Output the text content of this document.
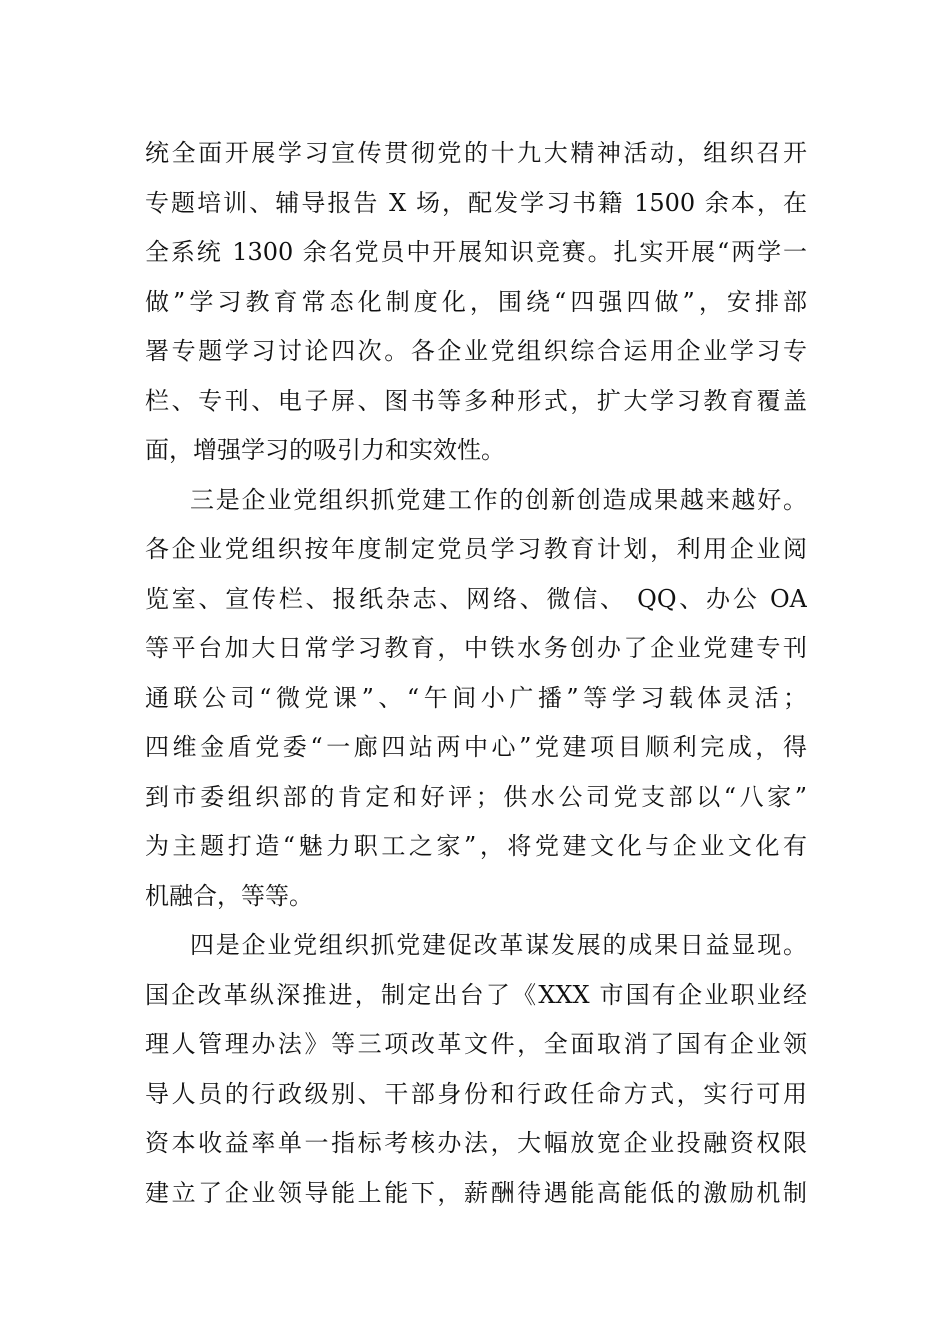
统全面开展学习宣传贯彻党的十九大精神活动，组织召开
专题培训、辅导报告 X 场，配发学习书籍 1500 余本，在
全系统 1300 余名党员中开展知识竞赛。扎实开展“两学一
做”学习教育常态化制度化，围绕“四强四做”，安排部
署专题学习讨论四次。各企业党组织综合运用企业学习专
栏、专刊、电子屏、图书等多种形式，扩大学习教育覆盖
面，增强学习的吸引力和实效性。
三是企业党组织抓党建工作的创新创造成果越来越好。
各企业党组织按年度制定党员学习教育计划，利用企业阅
览室、宣传栏、报纸杂志、网络、微信、 QQ、办公 OA
等平台加大日常学习教育，中铁水务创办了企业党建专刊
通联公司“微党课”、“午间小广播”等学习载体灵活；
四维金盾党委“一廊四站两中心”党建项目顺利完成，得
到市委组织部的肯定和好评；供水公司党支部以“八家”
为主题打造“魅力职工之家”，将党建文化与企业文化有
机融合，等等。
四是企业党组织抓党建促改革谋发展的成果日益显现。
国企改革纵深推进，制定出台了《XXX 市国有企业职业经
理人管理办法》等三项改革文件，全面取消了国有企业领
导人员的行政级别、干部身份和行政任命方式，实行可用
资本收益率单一指标考核办法，大幅放宽企业投融资权限
建立了企业领导能上能下，薪酬待遇能高能低的激励机制
